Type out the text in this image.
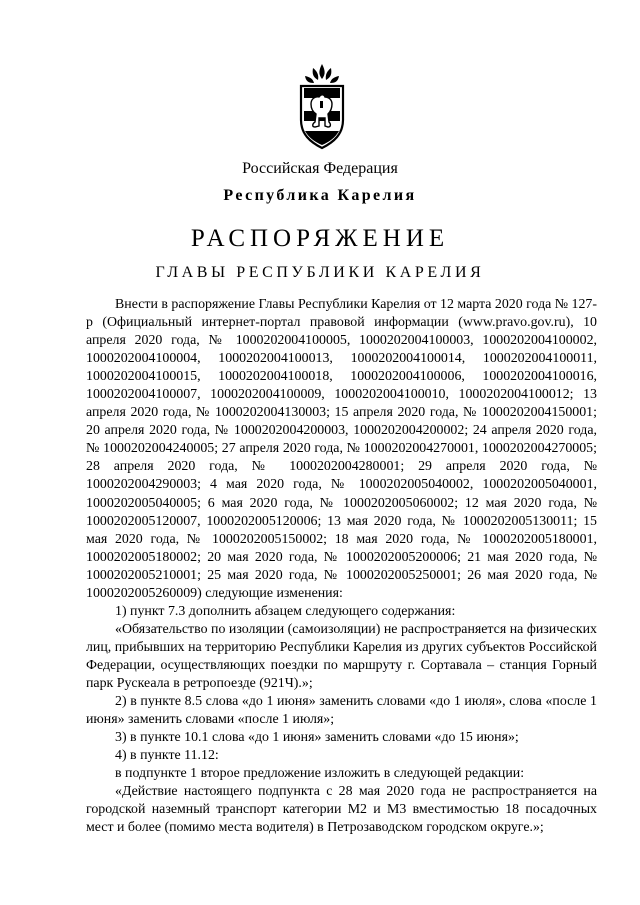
Российская Федерация
Республика Карелия
РАСПОРЯЖЕНИЕ
ГЛАВЫ РЕСПУБЛИКИ КАРЕЛИЯ

Внести в распоряжение Главы Республики Карелия от 12 марта 2020 года № 127-р (Официальный интернет-портал правовой информации (www.pravo.gov.ru), 10 апреля 2020 года, № 1000202004100005, 1000202004100003, 1000202004100002, 1000202004100004, 1000202004100013, 1000202004100014, 1000202004100011, 1000202004100015, 1000202004100018, 1000202004100006, 1000202004100016, 1000202004100007, 1000202004100009, 1000202004100010, 1000202004100012; 13 апреля 2020 года, № 1000202004130003; 15 апреля 2020 года, № 1000202004150001; 20 апреля 2020 года, № 1000202004200003, 1000202004200002; 24 апреля 2020 года, № 1000202004240005; 27 апреля 2020 года, № 1000202004270001, 1000202004270005; 28 апреля 2020 года, № 1000202004280001; 29 апреля 2020 года, № 1000202004290003; 4 мая 2020 года, № 1000202005040002, 1000202005040001, 1000202005040005; 6 мая 2020 года, № 1000202005060002; 12 мая 2020 года, № 1000202005120007, 1000202005120006; 13 мая 2020 года, № 1000202005130011; 15 мая 2020 года, № 1000202005150002; 18 мая 2020 года, № 1000202005180001, 1000202005180002; 20 мая 2020 года, № 1000202005200006; 21 мая 2020 года, № 1000202005210001; 25 мая 2020 года, № 1000202005250001; 26 мая 2020 года, № 1000202005260009) следующие изменения:

1) пункт 7.3 дополнить абзацем следующего содержания:

«Обязательство по изоляции (самоизоляции) не распространяется на физических лиц, прибывших на территорию Республики Карелия из других субъектов Российской Федерации, осуществляющих поездки по маршруту г. Сортавала – станция Горный парк Рускеала в ретропоезде (921Ч).»;

2) в пункте 8.5 слова «до 1 июня» заменить словами «до 1 июля», слова «после 1 июня» заменить словами «после 1 июля»;

3) в пункте 10.1 слова «до 1 июня» заменить словами «до 15 июня»;

4) в пункте 11.12:

в подпункте 1 второе предложение изложить в следующей редакции:

«Действие настоящего подпункта с 28 мая 2020 года не распространяется на городской наземный транспорт категории М2 и М3 вместимостью 18 посадочных мест и более (помимо места водителя) в Петрозаводском городском округе.»;
